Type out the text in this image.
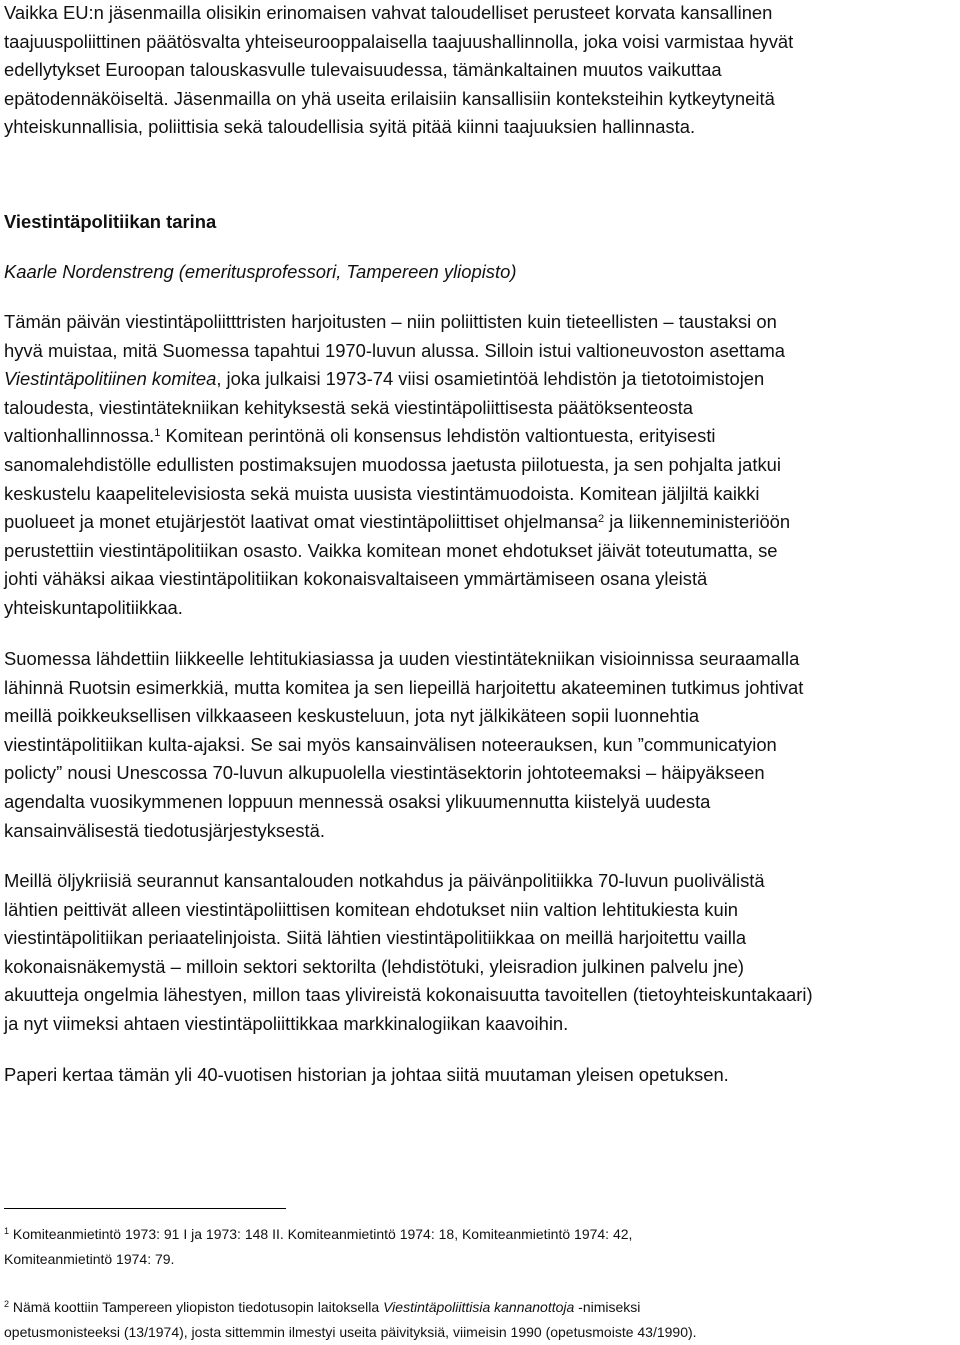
Vaikka EU:n jäsenmailla olisikin erinomaisen vahvat taloudelliset perusteet korvata kansallinen
taajuuspoliittinen päätösvalta yhteiseurooppalaisella taajuushallinnolla, joka voisi varmistaa hyvät
edellytykset Euroopan talouskasvulle tulevaisuudessa, tämänkaltainen muutos vaikuttaa
epätodennäköiseltä. Jäsenmailla on yhä useita erilaisiin kansallisiin konteksteihin kytkeytyneitä
yhteiskunnallisia, poliittisia sekä taloudellisia syitä pitää kiinni taajuuksien hallinnasta.

Viestintäpolitiikan tarina

Kaarle Nordenstreng (emeritusprofessori, Tampereen yliopisto)

Tämän päivän viestintäpoliitttristen harjoitusten – niin poliittisten kuin tieteellisten – taustaksi on
hyvä muistaa, mitä Suomessa tapahtui 1970-luvun alussa. Silloin istui valtioneuvoston asettama
Viestintäpolitiinen komitea, joka julkaisi 1973-74 viisi osamietintöä lehdistön ja tietotoimistojen
taloudesta, viestintätekniikan kehityksestä sekä viestintäpoliittisesta päätöksenteosta
valtionhallinnossa.$^1$ Komitean perintönä oli konsensus lehdistön valtiontuesta, erityisesti
sanomalehdistölle edullisten postimaksujen muodossa jaetusta piilotuesta, ja sen pohjalta jatkui
keskustelu kaapelitelevisiosta sekä muista uusista viestintämuodoista. Komitean jäljiltä kaikki
puolueet ja monet etujärjestöt laativat omat viestintäpoliittiset ohjelmansa$^2$ ja liikenneministeriöön
perustettiin viestintäpolitiikan osasto. Vaikka komitean monet ehdotukset jäivät toteutumatta, se
johti vähäksi aikaa viestintäpolitiikan kokonaisvaltaiseen ymmärtämiseen osana yleistä
yhteiskuntapolitiikkaa.

Suomessa lähdettiin liikkeelle lehtitukiasiassa ja uuden viestintätekniikan visioinnissa seuraamalla
lähinnä Ruotsin esimerkkiä, mutta komitea ja sen liepeillä harjoitettu akateeminen tutkimus johtivat
meillä poikkeuksellisen vilkkaaseen keskusteluun, jota nyt jälkikäteen sopii luonnehtia
viestintäpolitiikan kulta-ajaksi. Se sai myös kansainvälisen noteerauksen, kun ”communicatyion
policty” nousi Unescossa 70-luvun alkupuolella viestintäsektorin johtoteemaksi – häipyäkseen
agendalta vuosikymmenen loppuun mennessä osaksi ylikuumennutta kiistelyä uudesta
kansainvälisestä tiedotusjärjestyksestä.

Meillä öljykriisiä seurannut kansantalouden notkahdus ja päivänpolitiikka 70-luvun puolivälistä
lähtien peittivät alleen viestintäpoliittisen komitean ehdotukset niin valtion lehtitukiesta kuin
viestintäpolitiikan periaatelinjoista. Siitä lähtien viestintäpolitiikkaa on meillä harjoitettu vailla
kokonaisnäkemystä – milloin sektori sektorilta (lehdistötuki, yleisradion julkinen palvelu jne)
akuutteja ongelmia lähestyen, millon taas ylivireistä kokonaisuutta tavoitellen (tietoyhteiskuntakaari)
ja nyt viimeksi ahtaen viestintäpoliittikkaa markkinalogiikan kaavoihin.

Paperi kertaa tämän yli 40-vuotisen historian ja johtaa siitä muutaman yleisen opetuksen.

$^1$ Komiteanmietintö 1973: 91 I ja 1973: 148 II. Komiteanmietintö 1974: 18, Komiteanmietintö 1974: 42,
Komiteanmietintö 1974: 79.

$^2$ Nämä koottiin Tampereen yliopiston tiedotusopin laitoksella Viestintäpoliittisia kannanottoja -nimiseksi
opetusmonisteeksi (13/1974), josta sittemmin ilmestyi useita päivityksiä, viimeisin 1990 (opetusmoiste 43/1990).
